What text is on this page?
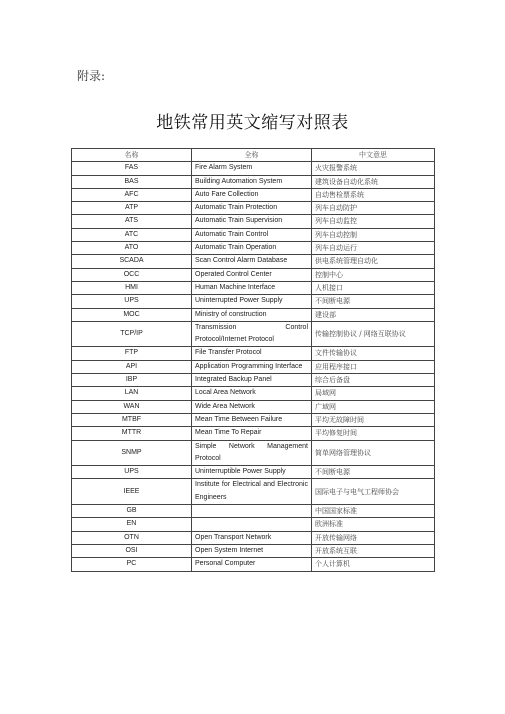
附录:
地铁常用英文缩写对照表
名称	全称	中文意思
FAS	Fire Alarm System	火灾报警系统
BAS	Building Automation System	建筑设备自动化系统
AFC	Auto Fare Collection	自动售检票系统
ATP	Automatic Train Protection	列车自动防护
ATS	Automatic Train Supervision	列车自动监控
ATC	Automatic Train Control	列车自动控制
ATO	Automatic Train Operation	列车自动运行
SCADA	Scan Control Alarm Database	供电系统管理自动化
OCC	Operated Control Center	控制中心
HMI	Human Machine Interface	人机接口
UPS	Uninterrupted Power Supply	不间断电源
MOC	Ministry of construction	建设部
TCP/IP	Transmission Control Protocol/Internet Protocol	传输控制协议 / 网络互联协议
FTP	File Transfer Protocol	文件传输协议
API	Application Programming Interface	应用程序接口
IBP	Integrated Backup Panel	综合后备盘
LAN	Local Area Network	局域网
WAN	Wide Area Network	广域网
MTBF	Mean Time Between Failure	平均无故障时间
MTTR	Mean Time To Repair	平均修复时间
SNMP	Simple Network Management Protocol	简单网络管理协议
UPS	Uninterruptible Power Supply	不间断电源
IEEE	Institute for Electrical and Electronic Engineers	国际电子与电气工程师协会
GB		中国国家标准
EN		欧洲标准
OTN	Open Transport Network	开放传输网络
OSI	Open System Internet	开放系统互联
PC	Personal Computer	个人计算机
